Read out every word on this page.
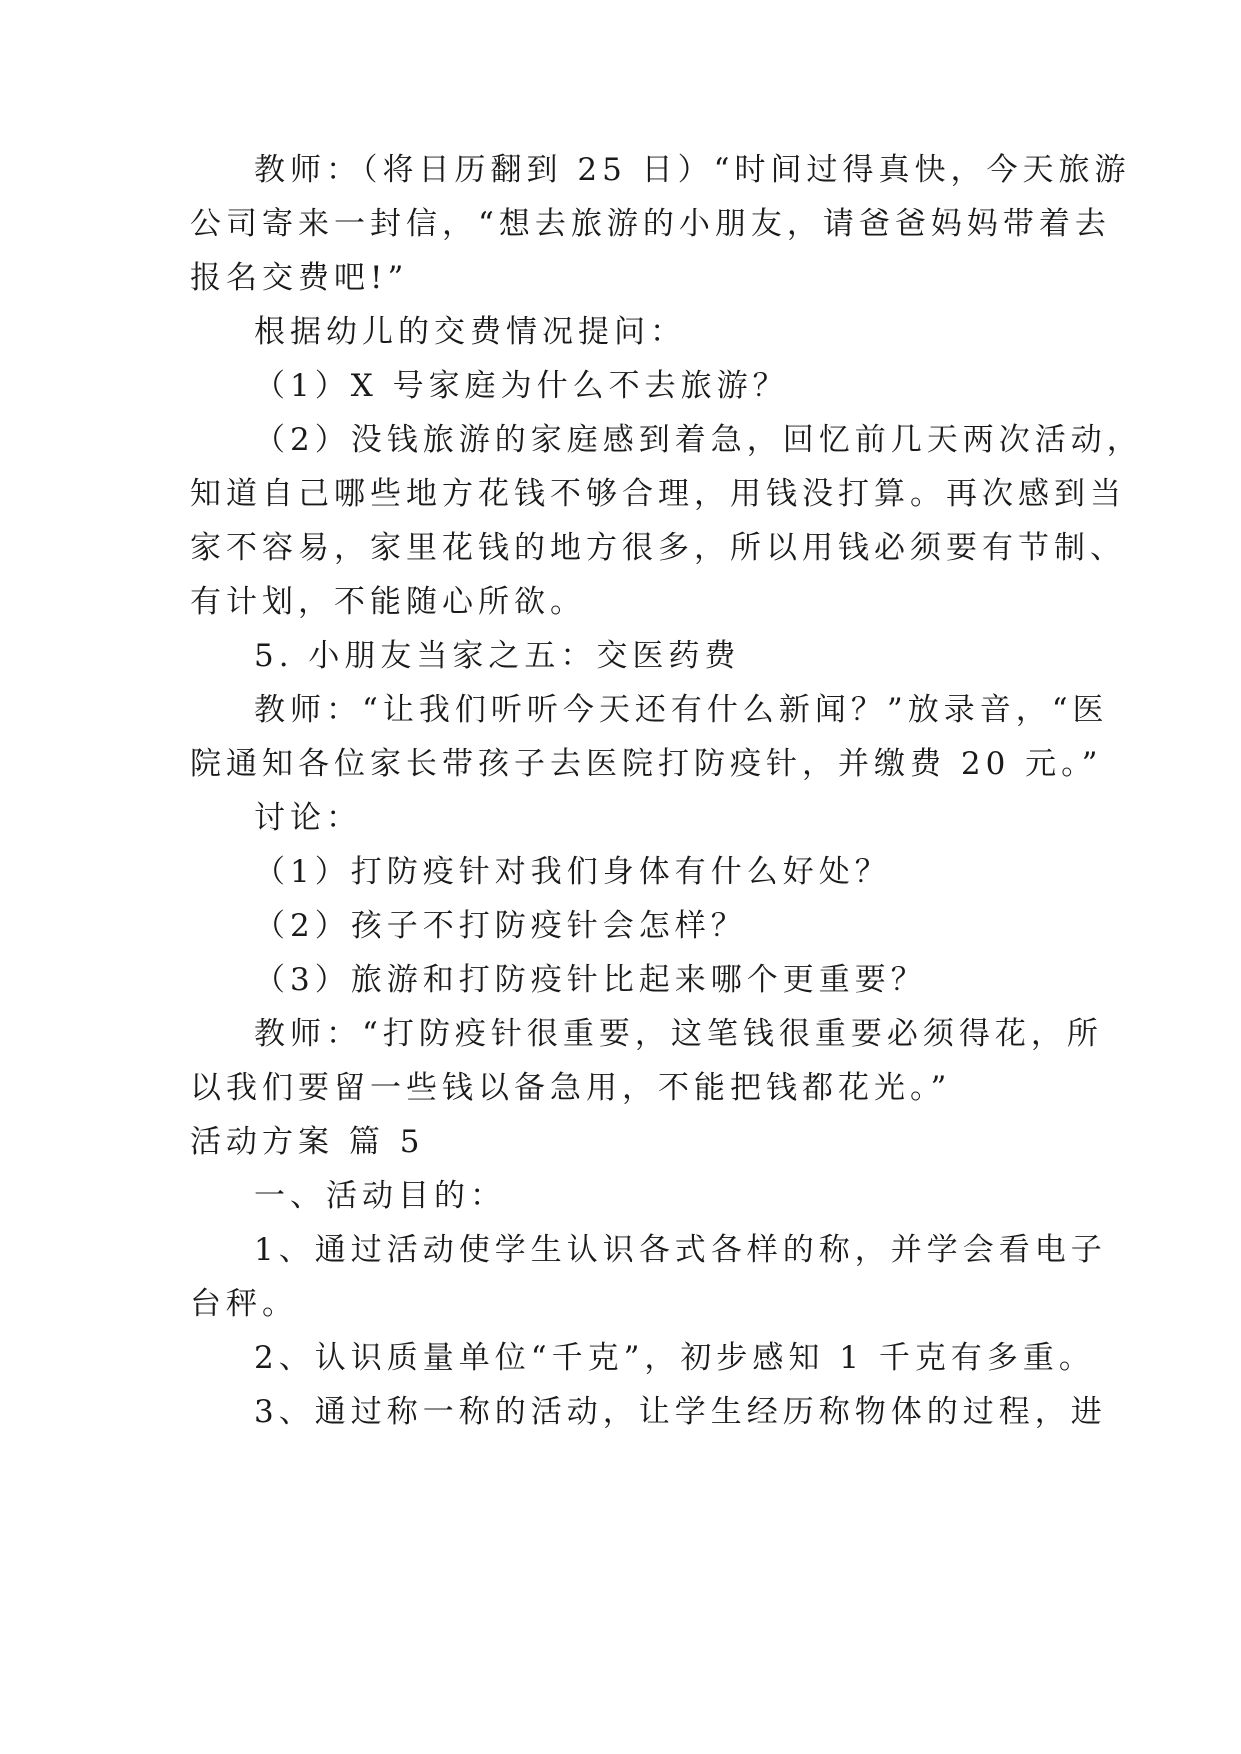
教师：（将日历翻到 25 日）“时间过得真快，今天旅游
公司寄来一封信，“想去旅游的小朋友，请爸爸妈妈带着去
报名交费吧!”
根据幼儿的交费情况提问：
（1）X 号家庭为什么不去旅游？
（2）没钱旅游的家庭感到着急，回忆前几天两次活动，
知道自己哪些地方花钱不够合理，用钱没打算。再次感到当
家不容易，家里花钱的地方很多，所以用钱必须要有节制、
有计划，不能随心所欲。
5. 小朋友当家之五：交医药费
教师：“让我们听听今天还有什么新闻？”放录音，“医
院通知各位家长带孩子去医院打防疫针，并缴费 20 元。”
讨论：
（1）打防疫针对我们身体有什么好处？
（2）孩子不打防疫针会怎样？
（3）旅游和打防疫针比起来哪个更重要？
教师：“打防疫针很重要，这笔钱很重要必须得花，所
以我们要留一些钱以备急用，不能把钱都花光。”
活动方案 篇 5
一、活动目的：
1、通过活动使学生认识各式各样的称，并学会看电子
台秤。
2、认识质量单位“千克”，初步感知 1 千克有多重。
3、通过称一称的活动，让学生经历称物体的过程，进
